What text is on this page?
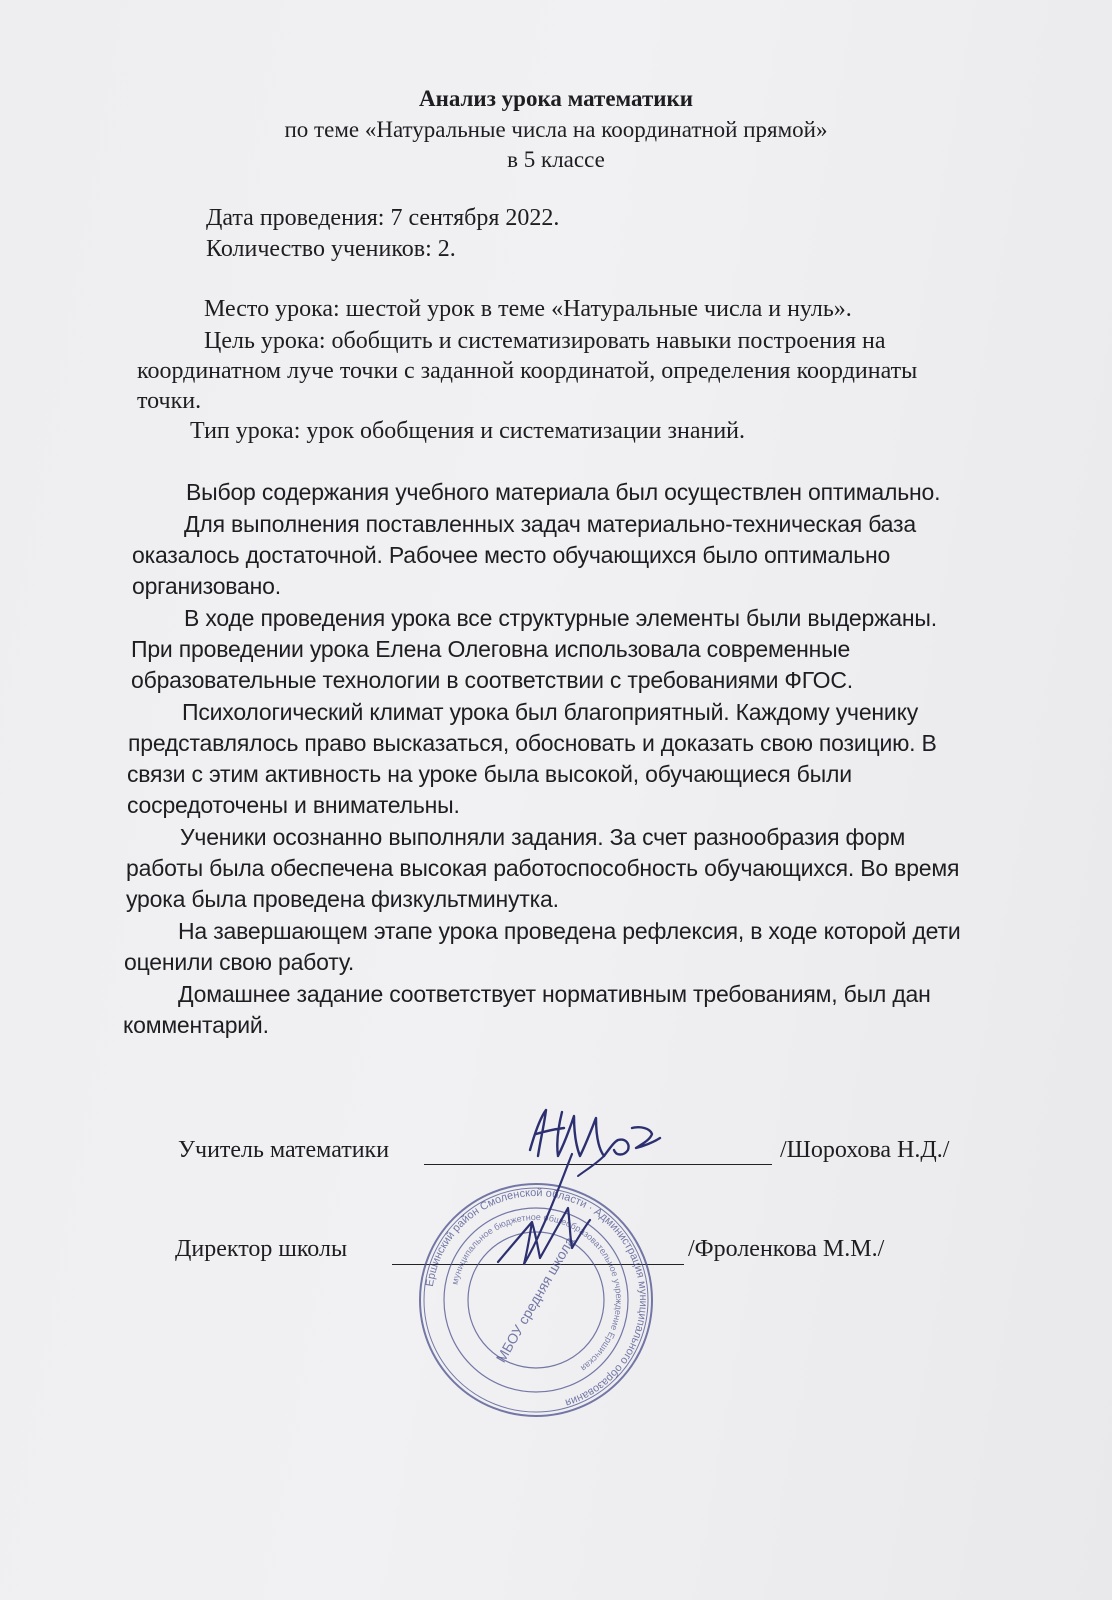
Анализ урока математики
по теме «Натуральные числа на координатной прямой»
в 5 классе
Дата проведения: 7 сентября 2022.
Количество учеников: 2.
Место урока: шестой урок в теме «Натуральные числа и нуль».
Цель урока: обобщить и систематизировать навыки построения на
координатном луче точки с заданной координатой, определения координаты
точки.
Тип урока: урок обобщения и систематизации знаний.
Выбор содержания учебного материала был осуществлен оптимально.
Для выполнения поставленных задач материально-техническая база
оказалось достаточной. Рабочее место обучающихся было оптимально
организовано.
В ходе проведения урока все структурные элементы были выдержаны.
При проведении урока Елена Олеговна использовала современные
образовательные технологии в соответствии с требованиями ФГОС.
Психологический климат урока был благоприятный. Каждому ученику
представлялось право высказаться, обосновать и доказать свою позицию. В
связи с этим активность на уроке была высокой, обучающиеся были
сосредоточены и внимательны.
Ученики осознанно выполняли задания. За счет разнообразия форм
работы была обеспечена высокая работоспособность обучающихся. Во время
урока была проведена физкультминутка.
На завершающем этапе урока проведена рефлексия, в ходе которой дети
оценили свою работу.
Домашнее задание соответствует нормативным требованиям, был дан
комментарий.
Учитель математики	/Шорохова Н.Д./
Директор школы	/Фроленкова М.М./
Ершинский район Смоленской области · Администрация муниципального образования
муниципальное бюджетное общеобразовательное учреждение Ершичская
МБОУ средняя школа
